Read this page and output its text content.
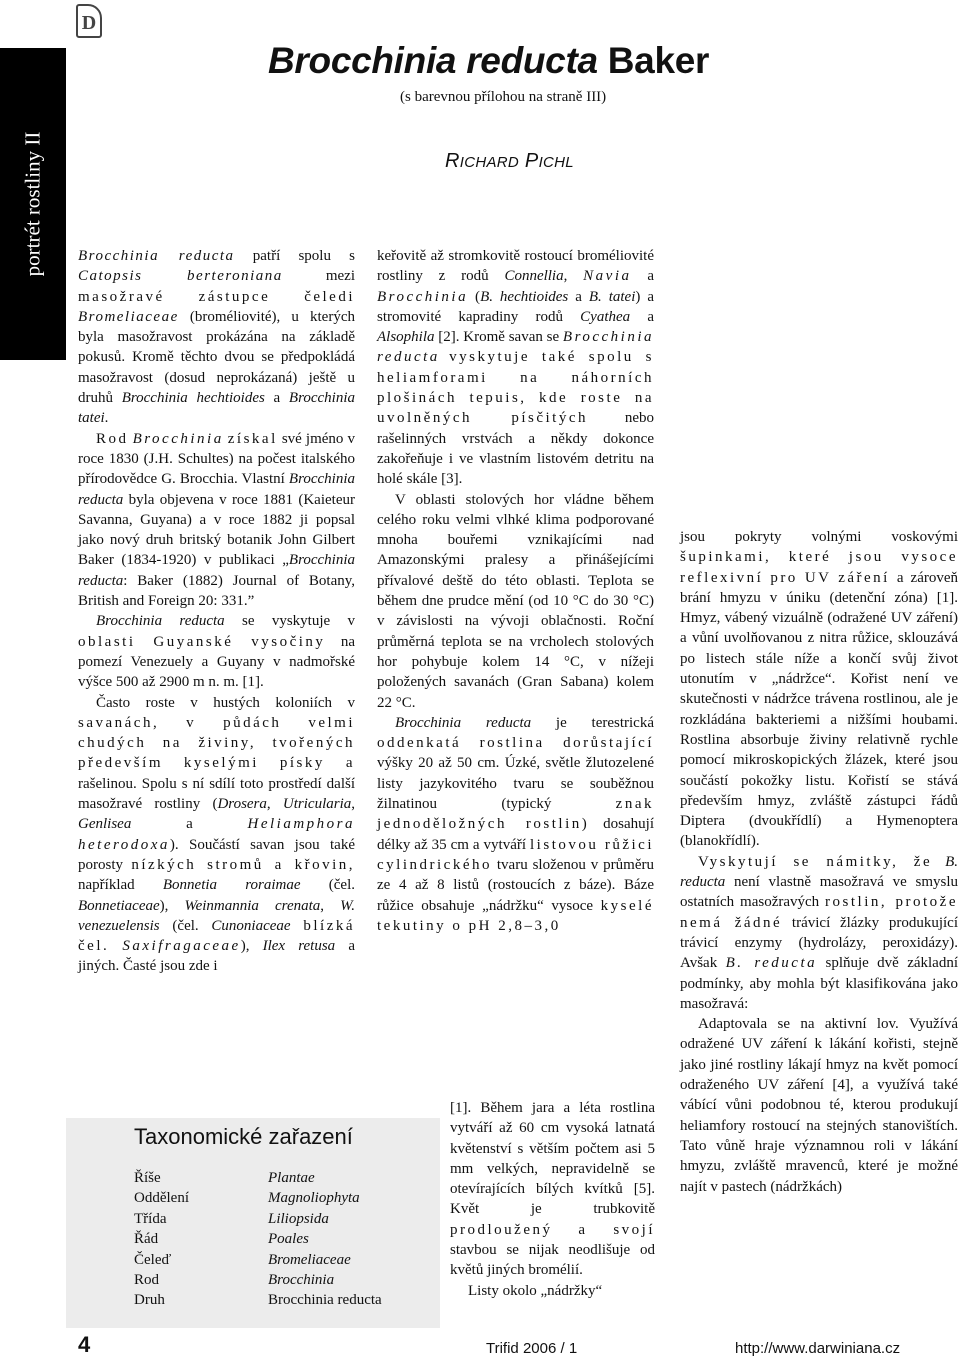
D
portrét rostliny II
Brocchinia reducta Baker
(s barevnou přílohou na straně III)
RICHARD PICHL

Brocchinia reducta patří spolu s Catopsis berteroniana mezi masožravé zástupce čeledi Bromeliaceae (broméliovité), u kterých byla masožravost prokázána na základě pokusů. Kromě těchto dvou se předpokládá masožravost (dosud neprokázaná) ještě u druhů Brocchinia hechtioides a Brocchinia tatei.

Rod Brocchinia získal své jméno v roce 1830 (J.H. Schultes) na počest italského přírodovědce G. Brocchia. Vlastní Brocchinia reducta byla objevena v roce 1881 (Kaieteur Savanna, Guyana) a v roce 1882 ji popsal jako nový druh britský botanik John Gilbert Baker (1834-1920) v publikaci „Brocchinia reducta: Baker (1882) Journal of Botany, British and Foreign 20: 331.”

Brocchinia reducta se vyskytuje v oblasti Guyanské vysočiny na pomezí Venezuely a Guyany v nadmořské výšce 500 až 2900 m n. m. [1].

Často roste v hustých koloniích v savanách, v půdách velmi chudých na živiny, tvořených především kyselými písky a rašelinou. Spolu s ní sdílí toto prostředí další masožravé rostliny (Drosera, Utricularia, Genlisea a Heliamphora heterodoxa). Součástí savan jsou také porosty nízkých stromů a křovin, například Bonnetia roraimae (čel. Bonnetiaceae), Weinmannia crenata, W. venezuelensis (čel. Cunoniaceae blízká čel. Saxifragaceae), Ilex retusa a jiných. Časté jsou zde i

keřovitě až stromkovitě rostoucí broméliovité rostliny z rodů Connellia, Navia a Brocchinia (B. hechtioides a B. tatei) a stromovité kapradiny rodů Cyathea a Alsophila [2]. Kromě savan se Brocchinia reducta vyskytuje také spolu s heliamforami na náhorních plošinách tepuis, kde roste na uvolněných písčitých nebo rašelinných vrstvách a někdy dokonce zakořeňuje i ve vlastním listovém detritu na holé skále [3].

V oblasti stolových hor vládne během celého roku velmi vlhké klima podporované mnoha bouřemi vznikajícími nad Amazonskými pralesy a přinášejícími přívalové deště do této oblasti. Teplota se během dne prudce mění (od 10 °C do 30 °C) v závislosti na vývoji oblačnosti. Roční průměrná teplota se na vrcholech stolových hor pohybuje kolem 14 °C, v nížeji položených savanách (Gran Sabana) kolem 22 °C.

Brocchinia reducta je terestrická oddenkatá rostlina dorůstající výšky 20 až 50 cm. Úzké, světle žlutozelené listy jazykovitého tvaru se souběžnou žilnatinou (typický znak jednoděložných rostlin) dosahují délky až 35 cm a vytváří listovou růžici cylindrického tvaru složenou v průměru ze 4 až 8 listů (rostoucích z báze). Báze růžice obsahuje „nádržku“ vysoce kyselé tekutiny o pH 2,8–3,0

[1]. Během jara a léta rostlina vytváří až 60 cm vysoká latnatá květenství s větším počtem asi 5 mm velkých, nepravidelně se otevírajících bílých kvítků [5]. Květ je trubkovitě prodloužený a svojí stavbou se nijak neodlišuje od květů jiných bromélií.

Listy okolo „nádržky“

jsou pokryty volnými voskovými šupinkami, které jsou vysoce reflexivní pro UV záření a zároveň brání hmyzu v úniku (detenční zóna) [1]. Hmyz, vábený vizuálně (odražené UV záření) a vůní uvolňovanou z nitra růžice, sklouzává po listech stále níže a končí svůj život utonutím v „nádržce“. Kořist není ve skutečnosti v nádržce trávena rostlinou, ale je rozkládána bakteriemi a nižšími houbami. Rostlina absorbuje živiny relativně rychle pomocí mikroskopických žlázek, které jsou součástí pokožky listu. Kořistí se stává především hmyz, zvláště zástupci řádů Diptera (dvoukřídlí) a Hymenoptera (blanokřídlí).

Vyskytují se námitky, že B. reducta není vlastně masožravá ve smyslu ostatních masožravých rostlin, protože nemá žádné trávicí žlázky produkující trávicí enzymy (hydrolázy, peroxidázy). Avšak B. reducta splňuje dvě základní podmínky, aby mohla být klasifikována jako masožravá:

Adaptovala se na aktivní lov. Využívá odražené UV záření k lákání kořisti, stejně jako jiné rostliny lákají hmyz na květ pomocí odraženého UV záření [4], a využívá také vábící vůni podobnou té, kterou produkují heliamfory rostoucí na stejných stanovištích. Tato vůně hraje významnou roli v lákání hmyzu, zvláště mravenců, které je možné najít v pastech (nádržkách)

Taxonomické zařazení
Říše	Plantae
Oddělení	Magnoliophyta
Třída	Liliopsida
Řád	Poales
Čeleď	Bromeliaceae
Rod	Brocchinia
Druh	Brocchinia reducta
4	Trifid 2006 / 1	http://www.darwiniana.cz
